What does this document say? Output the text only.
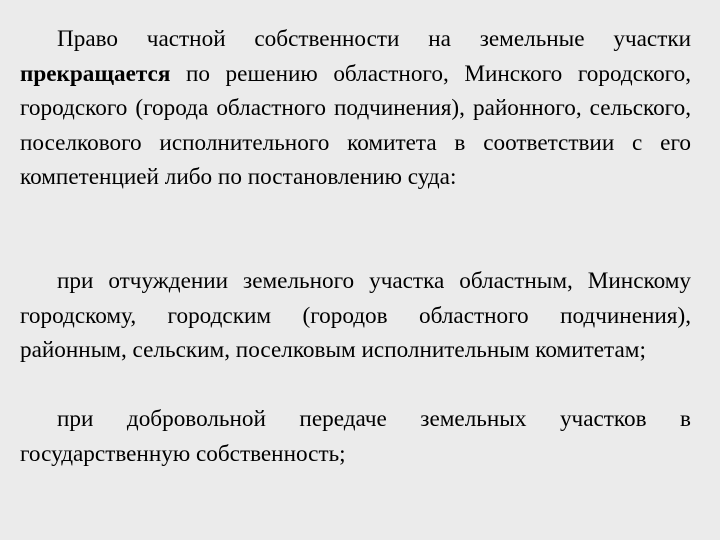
Право частной собственности на земельные участки прекращается по решению областного, Минского городского, городского (города областного подчинения), районного, сельского, поселкового исполнительного комитета в соответствии с его компетенцией либо по постановлению суда:

при отчуждении земельного участка областным, Минскому городскому, городским (городов областного подчинения), районным, сельским, поселковым исполнительным комитетам;

при добровольной передаче земельных участков в государственную собственность;
